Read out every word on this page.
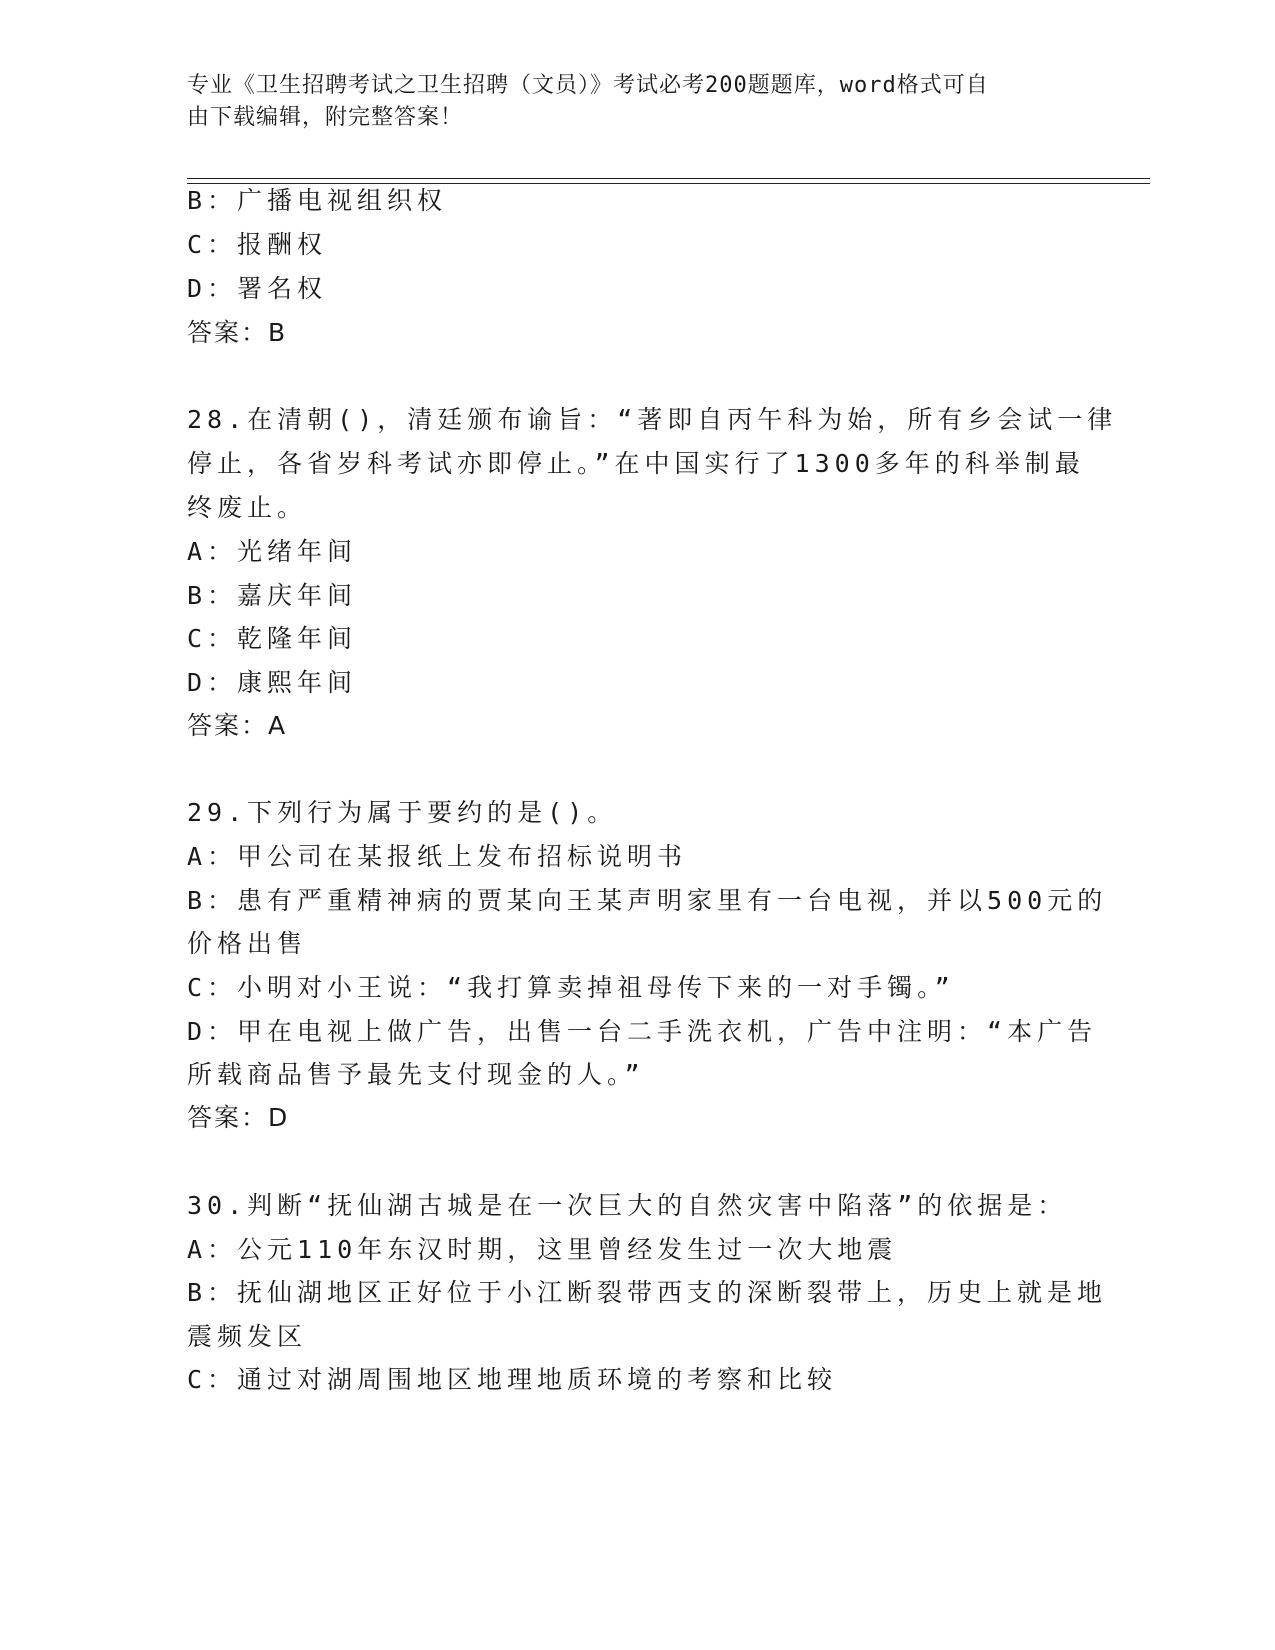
专业《卫生招聘考试之卫生招聘（文员）》考试必考200题题库，word格式可自
由下载编辑，附完整答案！
B：广播电视组织权
C：报酬权
D：署名权
答案：B
28.在清朝()，清廷颁布谕旨：“著即自丙午科为始，所有乡会试一律
停止，各省岁科考试亦即停止。”在中国实行了1300多年的科举制最
终废止。
A：光绪年间
B：嘉庆年间
C：乾隆年间
D：康熙年间
答案：A
29.下列行为属于要约的是()。
A：甲公司在某报纸上发布招标说明书
B：患有严重精神病的贾某向王某声明家里有一台电视，并以500元的
价格出售
C：小明对小王说：“我打算卖掉祖母传下来的一对手镯。”
D：甲在电视上做广告，出售一台二手洗衣机，广告中注明：“本广告
所载商品售予最先支付现金的人。”
答案：D
30.判断“抚仙湖古城是在一次巨大的自然灾害中陷落”的依据是：
A：公元110年东汉时期，这里曾经发生过一次大地震
B：抚仙湖地区正好位于小江断裂带西支的深断裂带上，历史上就是地
震频发区
C：通过对湖周围地区地理地质环境的考察和比较
